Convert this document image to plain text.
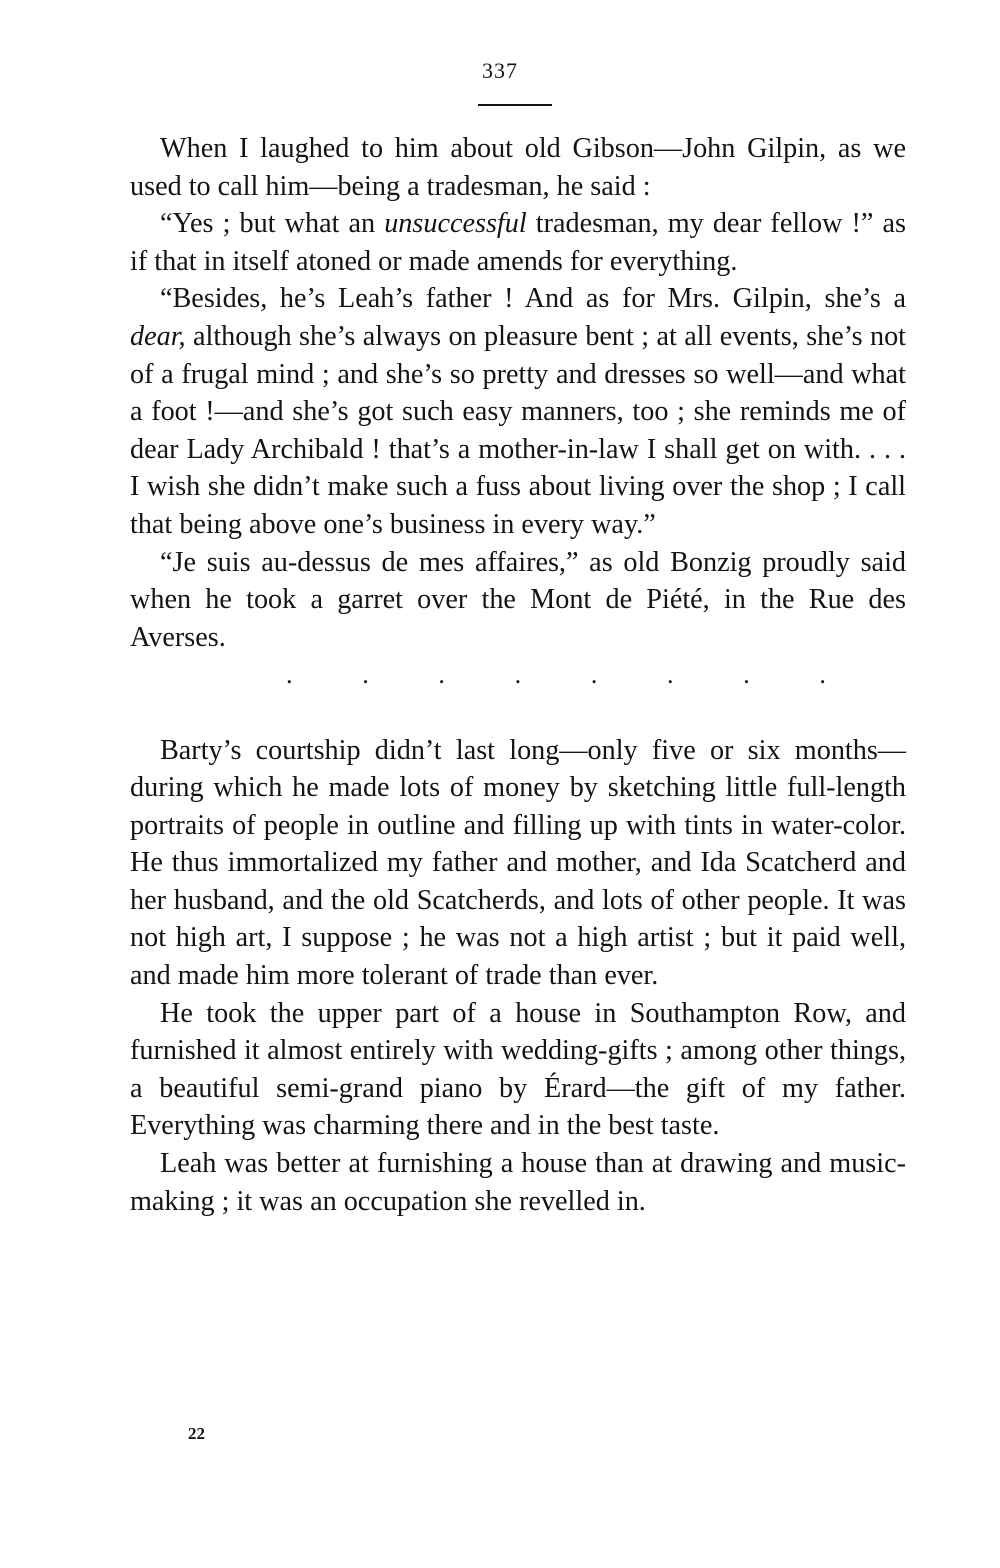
337

When I laughed to him about old Gibson—John Gilpin, as we used to call him—being a tradesman, he said :

“Yes ; but what an unsuccessful tradesman, my dear fellow !” as if that in itself atoned or made amends for everything.

“Besides, he’s Leah’s father ! And as for Mrs. Gilpin, she’s a dear, although she’s always on pleasure bent ; at all events, she’s not of a frugal mind ; and she’s so pretty and dresses so well—and what a foot !—and she’s got such easy manners, too ; she reminds me of dear Lady Archibald ! that’s a mother-in-law I shall get on with. . . . I wish she didn’t make such a fuss about living over the shop ; I call that being above one’s business in every way.”

“Je suis au-dessus de mes affaires,” as old Bonzig proudly said when he took a garret over the Mont de Piété, in the Rue des Averses.

.	.	.	.	.	.	.	.

Barty’s courtship didn’t last long—only five or six months—during which he made lots of money by sketching little full-length portraits of people in outline and filling up with tints in water-color. He thus immortalized my father and mother, and Ida Scatcherd and her husband, and the old Scatcherds, and lots of other people. It was not high art, I suppose ; he was not a high artist ; but it paid well, and made him more tolerant of trade than ever.

He took the upper part of a house in Southampton Row, and furnished it almost entirely with wedding-gifts ; among other things, a beautiful semi-grand piano by Érard—the gift of my father. Everything was charming there and in the best taste.

Leah was better at furnishing a house than at drawing and music-making ; it was an occupation she revelled in.

22
